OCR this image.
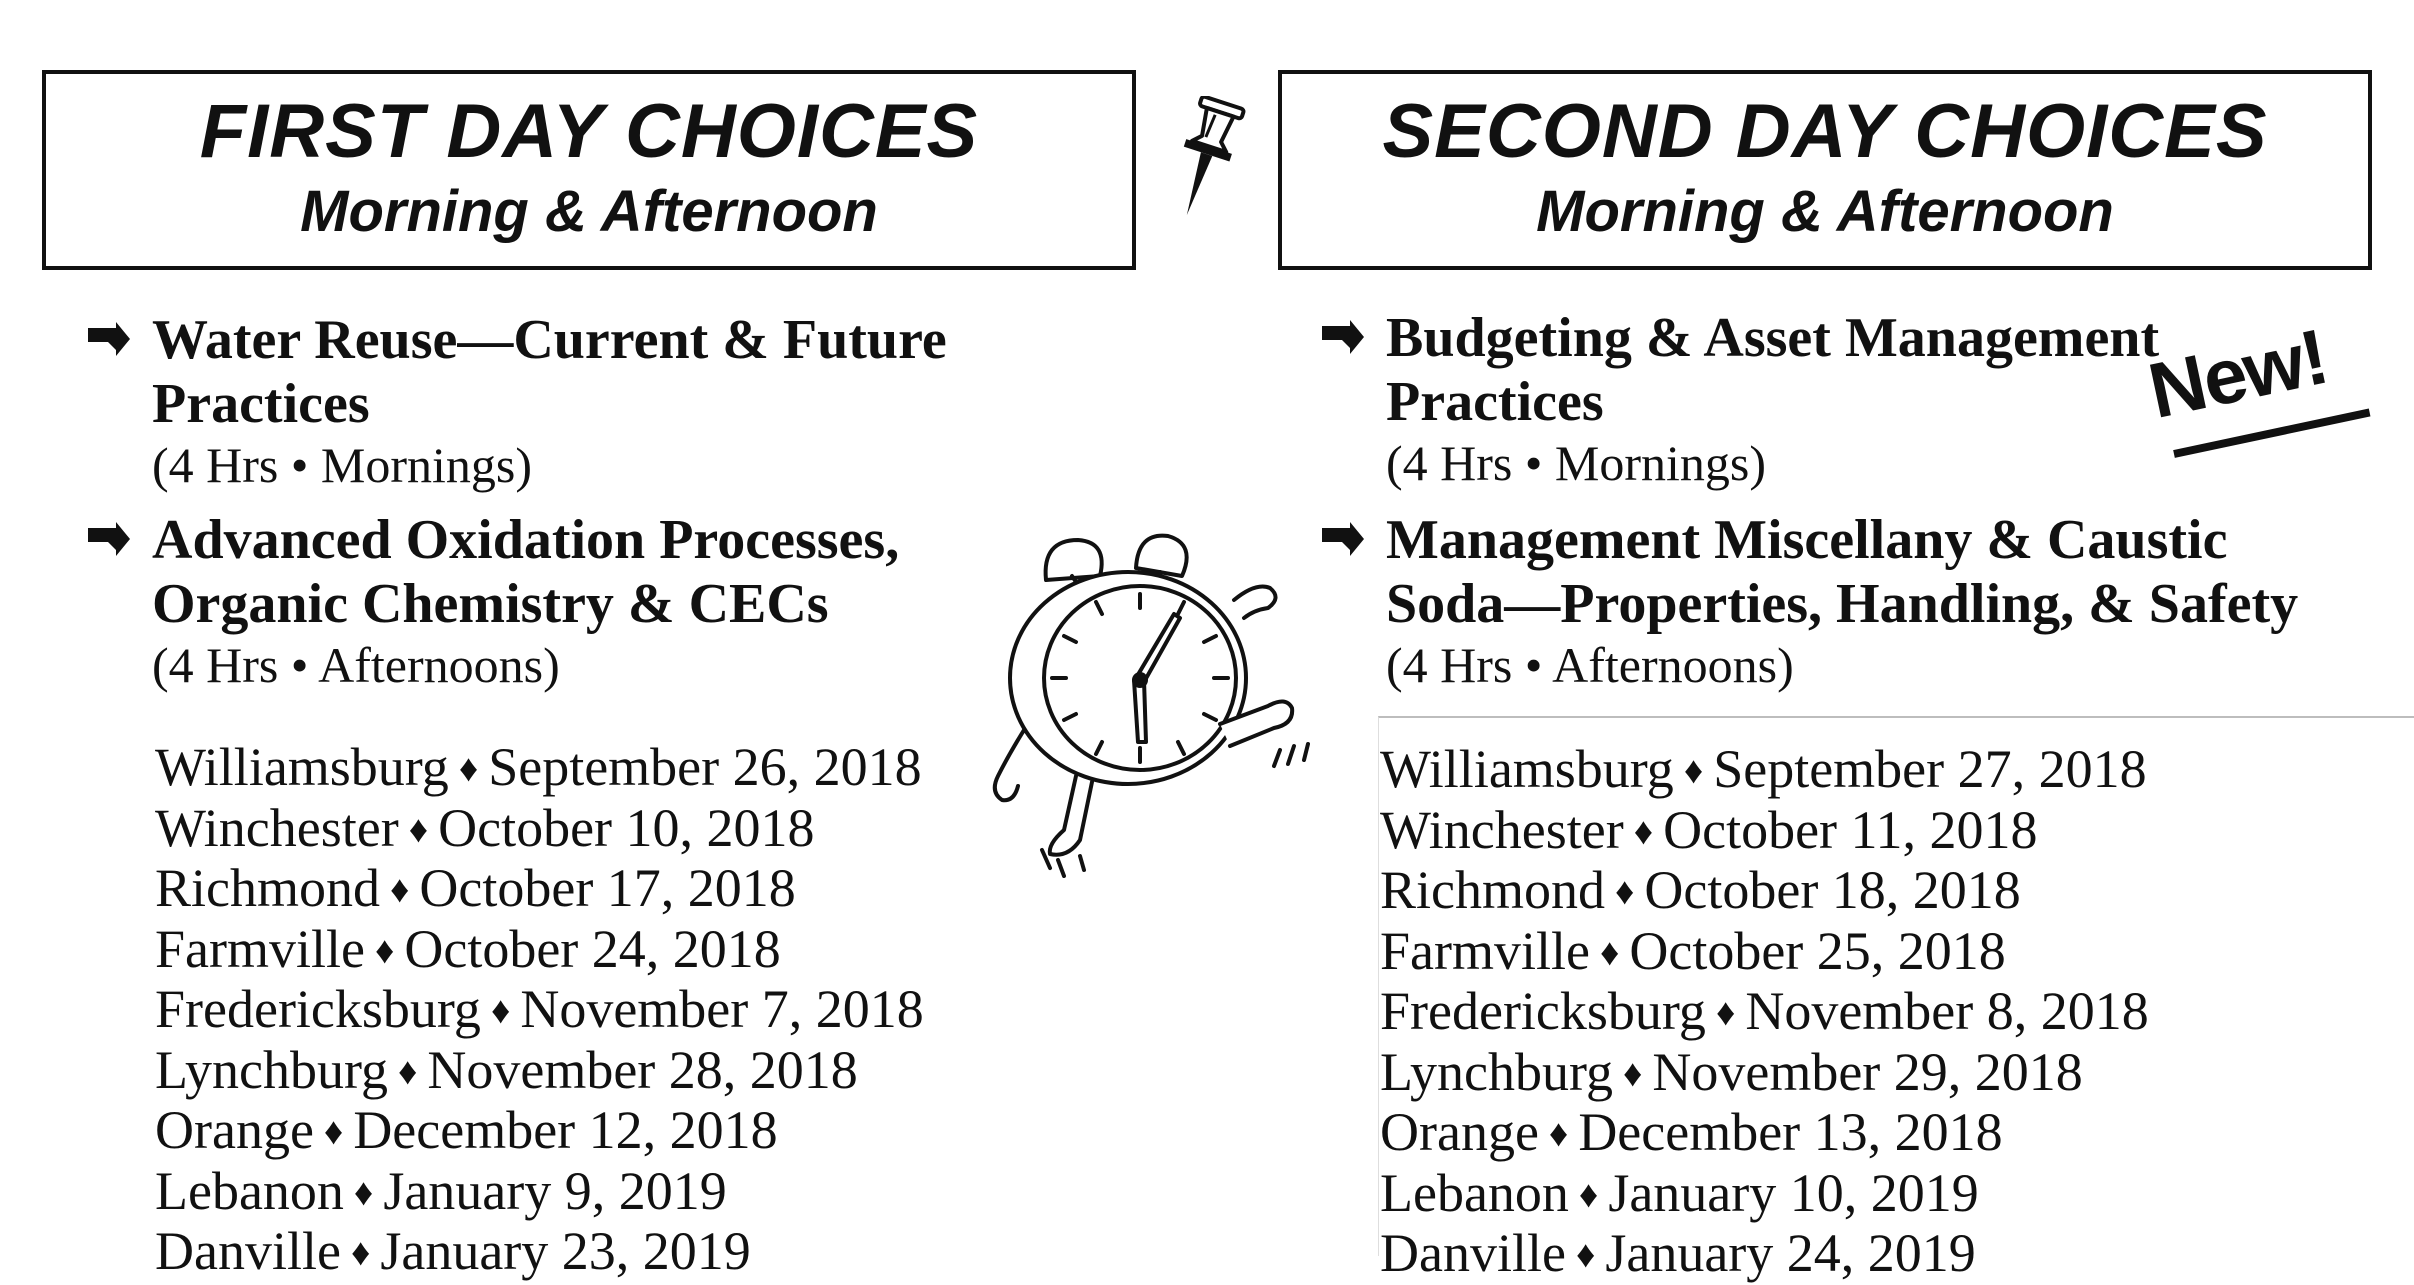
FIRST DAY CHOICES
Morning & Afternoon
Water Reuse—Current & Future
Practices
(4 Hrs • Mornings)
Advanced Oxidation Processes,
Organic Chemistry & CECs
(4 Hrs • Afternoons)
Williamsburg ♦ September 26, 2018
Winchester ♦ October 10, 2018
Richmond ♦ October 17, 2018
Farmville ♦ October 24, 2018
Fredericksburg ♦ November 7, 2018
Lynchburg ♦ November 28, 2018
Orange ♦ December 12, 2018
Lebanon ♦ January 9, 2019
Danville ♦ January 23, 2019
SECOND DAY CHOICES
Morning & Afternoon
Budgeting & Asset Management
Practices
(4 Hrs • Mornings)
Management Miscellany & Caustic
Soda—Properties, Handling, & Safety
(4 Hrs • Afternoons)
Williamsburg ♦ September 27, 2018
Winchester ♦ October 11, 2018
Richmond ♦ October 18, 2018
Farmville ♦ October 25, 2018
Fredericksburg ♦ November 8, 2018
Lynchburg ♦ November 29, 2018
Orange ♦ December 13, 2018
Lebanon ♦ January 10, 2019
Danville ♦ January 24, 2019
New!
